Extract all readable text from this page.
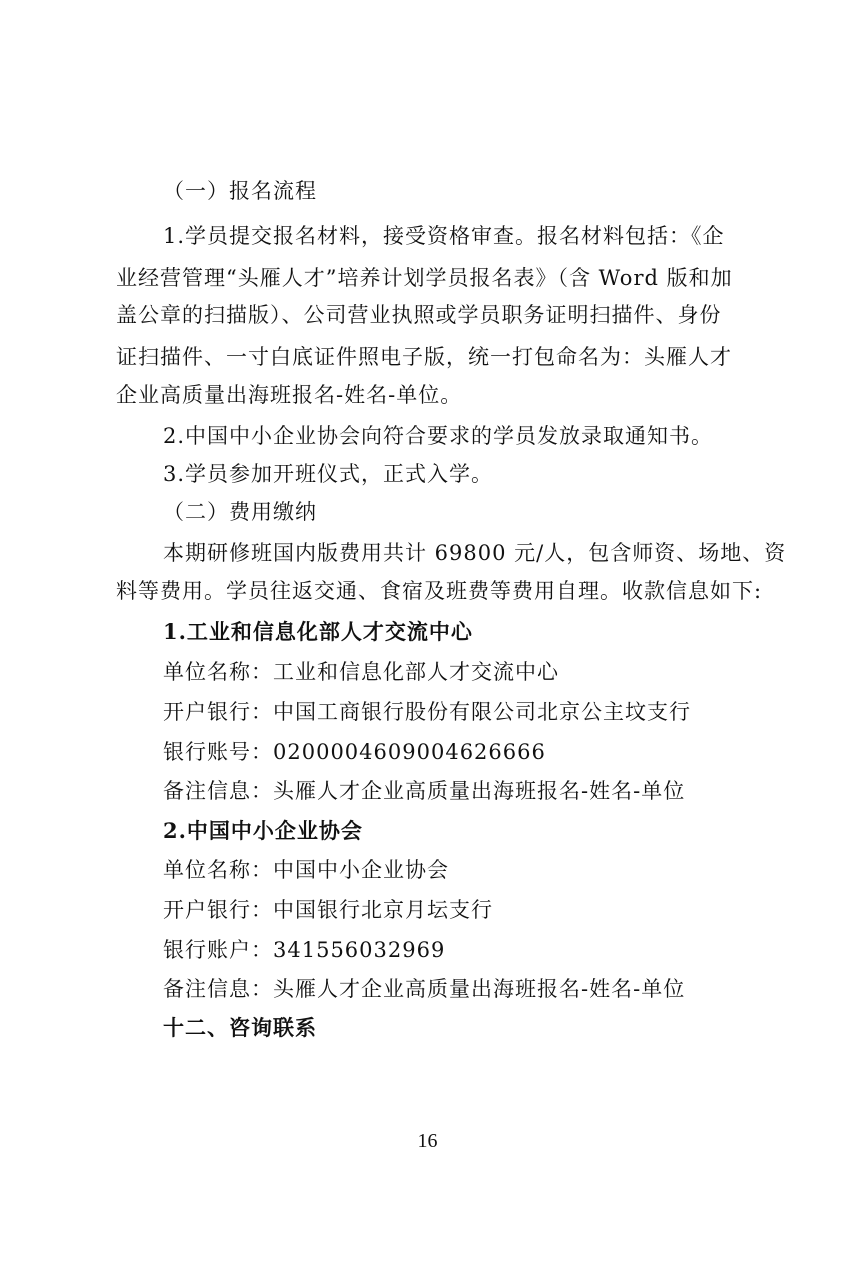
（一）报名流程
1.学员提交报名材料，接受资格审查。报名材料包括：《企
业经营管理“头雁人才”培养计划学员报名表》（含 Word 版和加
盖公章的扫描版）、公司营业执照或学员职务证明扫描件、身份
证扫描件、一寸白底证件照电子版，统一打包命名为：头雁人才
企业高质量出海班报名-姓名-单位。
2.中国中小企业协会向符合要求的学员发放录取通知书。
3.学员参加开班仪式，正式入学。
（二）费用缴纳
本期研修班国内版费用共计 69800 元/人，包含师资、场地、资
料等费用。学员往返交通、食宿及班费等费用自理。收款信息如下:
1.工业和信息化部人才交流中心
单位名称：工业和信息化部人才交流中心
开户银行：中国工商银行股份有限公司北京公主坟支行
银行账号：0200004609004626666
备注信息：头雁人才企业高质量出海班报名-姓名-单位
2.中国中小企业协会
单位名称：中国中小企业协会
开户银行：中国银行北京月坛支行
银行账户：341556032969
备注信息：头雁人才企业高质量出海班报名-姓名-单位
十二、咨询联系
16
